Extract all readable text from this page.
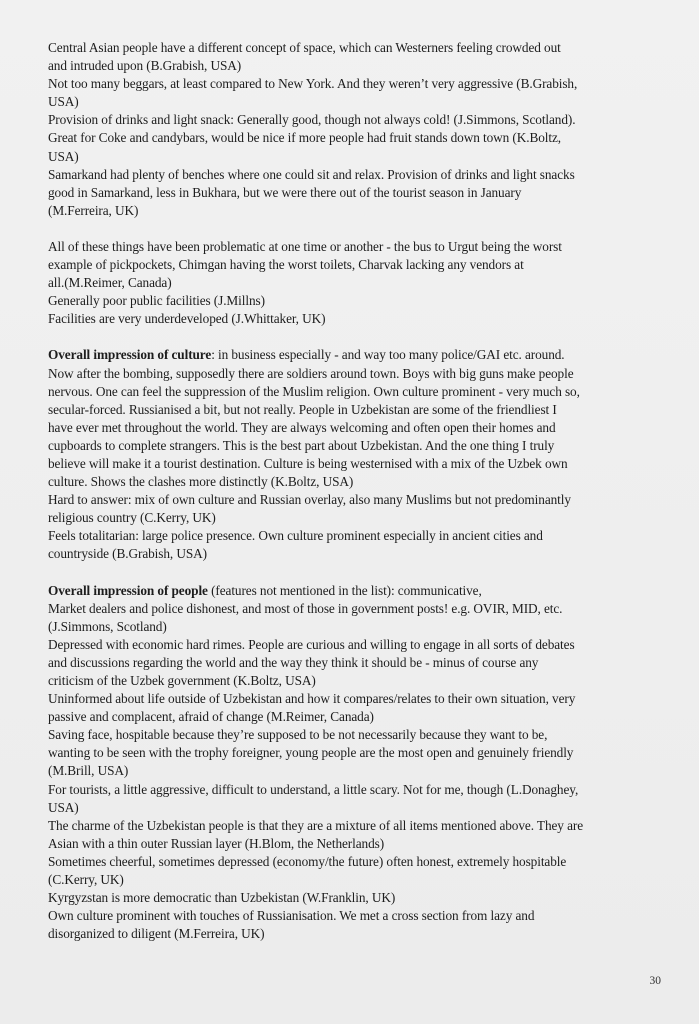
Central Asian people have a different concept of space, which can Westerners feeling crowded out
and intruded upon (B.Grabish, USA)
Not too many beggars, at least compared to New York. And they weren’t very aggressive (B.Grabish,
USA)
Provision of drinks and light snack: Generally good, though not always cold! (J.Simmons, Scotland).
Great for Coke and candybars, would be nice if more people had fruit stands down town (K.Boltz,
USA)
Samarkand had plenty of benches where one could sit and relax. Provision of drinks and light snacks
good in Samarkand, less in Bukhara, but we were there out of the tourist season in January
(M.Ferreira, UK)
All of these things have been problematic at one time or another - the bus to Urgut being the worst
example of pickpockets, Chimgan having the worst toilets, Charvak lacking any vendors at
all.(M.Reimer, Canada)
Generally poor public facilities (J.Millns)
Facilities are very underdeveloped (J.Whittaker, UK)
Overall impression of culture: in business especially - and way too many police/GAI etc. around.
Now after the bombing, supposedly there are soldiers around town. Boys with big guns make people
nervous. One can feel the suppression of the Muslim religion. Own culture prominent - very much so,
secular-forced. Russianised a bit, but not really. People in Uzbekistan are some of the friendliest I
have ever met throughout the world. They are always welcoming and often open their homes and
cupboards to complete strangers. This is the best part about Uzbekistan. And the one thing I truly
believe will make it a tourist destination. Culture is being westernised with a mix of the Uzbek own
culture. Shows the clashes more distinctly (K.Boltz, USA)
Hard to answer: mix of own culture and Russian overlay, also many Muslims but not predominantly
religious country (C.Kerry, UK)
Feels totalitarian: large police presence. Own culture prominent especially in ancient cities and
countryside (B.Grabish, USA)
Overall impression of people (features not mentioned in the list): communicative,
Market dealers and police dishonest, and most of those in government posts! e.g. OVIR, MID, etc.
(J.Simmons, Scotland)
Depressed with economic hard rimes. People are curious and willing to engage in all sorts of debates
and discussions regarding the world and the way they think it should be - minus of course any
criticism of the Uzbek government (K.Boltz, USA)
Uninformed about life outside of Uzbekistan and how it compares/relates to their own situation, very
passive and complacent, afraid of change (M.Reimer, Canada)
Saving face, hospitable because they’re supposed to be not necessarily because they want to be,
wanting to be seen with the trophy foreigner, young people are the most open and genuinely friendly
(M.Brill, USA)
For tourists, a little aggressive, difficult to understand, a little scary. Not for me, though (L.Donaghey,
USA)
The charme of the Uzbekistan people is that they are a mixture of all items mentioned above. They are
Asian with a thin outer Russian layer (H.Blom, the Netherlands)
Sometimes cheerful, sometimes depressed (economy/the future) often honest, extremely hospitable
(C.Kerry, UK)
Kyrgyzstan is more democratic than Uzbekistan (W.Franklin, UK)
Own culture prominent with touches of Russianisation. We met a cross section from lazy and
disorganized to diligent (M.Ferreira, UK)
30
